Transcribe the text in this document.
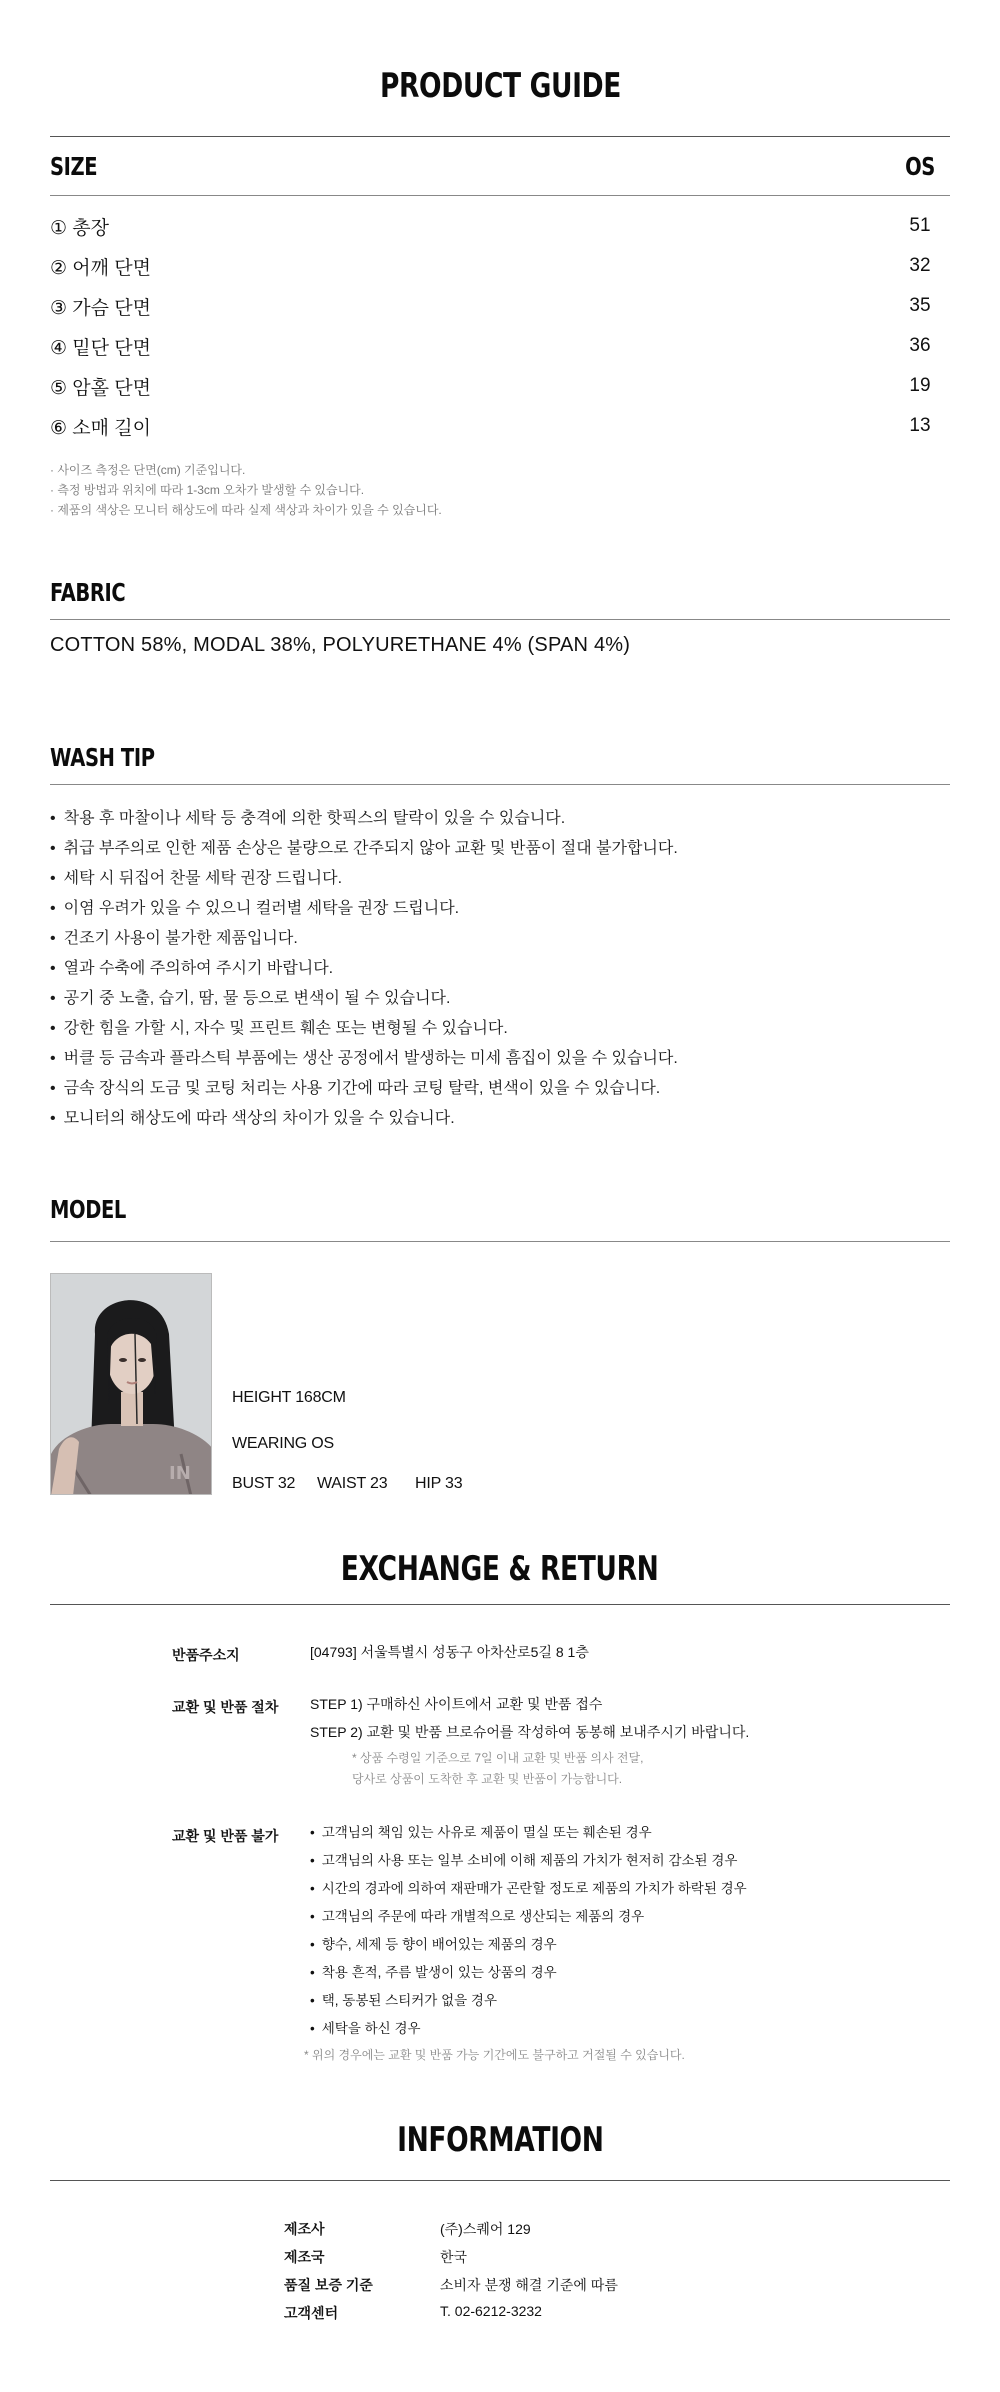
PRODUCT GUIDE
SIZE	OS
① 총장	51
② 어깨 단면	32
③ 가슴 단면	35
④ 밑단 단면	36
⑤ 암홀 단면	19
⑥ 소매 길이	13
· 사이즈 측정은 단면(cm) 기준입니다.
· 측정 방법과 위치에 따라 1-3cm 오차가 발생할 수 있습니다.
· 제품의 색상은 모니터 해상도에 따라 실제 색상과 차이가 있을 수 있습니다.
FABRIC
COTTON 58%, MODAL 38%, POLYURETHANE 4% (SPAN 4%)
WASH TIP
• 착용 후 마찰이나 세탁 등 충격에 의한 핫픽스의 탈락이 있을 수 있습니다.
• 취급 부주의로 인한 제품 손상은 불량으로 간주되지 않아 교환 및 반품이 절대 불가합니다.
• 세탁 시 뒤집어 찬물 세탁 권장 드립니다.
• 이염 우려가 있을 수 있으니 컬러별 세탁을 권장 드립니다.
• 건조기 사용이 불가한 제품입니다.
• 열과 수축에 주의하여 주시기 바랍니다.
• 공기 중 노출, 습기, 땀, 물 등으로 변색이 될 수 있습니다.
• 강한 힘을 가할 시, 자수 및 프린트 훼손 또는 변형될 수 있습니다.
• 버클 등 금속과 플라스틱 부품에는 생산 공정에서 발생하는 미세 흠집이 있을 수 있습니다.
• 금속 장식의 도금 및 코팅 처리는 사용 기간에 따라 코팅 탈락, 변색이 있을 수 있습니다.
• 모니터의 해상도에 따라 색상의 차이가 있을 수 있습니다.
MODEL
IN
HEIGHT 168CM
WEARING OS
BUST 32 WAIST 23 HIP 33
EXCHANGE & RETURN
반품주소지	[04793] 서울특별시 성동구 아차산로5길 8 1층
교환 및 반품 절차	STEP 1) 구매하신 사이트에서 교환 및 반품 접수
STEP 2) 교환 및 반품 브로슈어를 작성하여 동봉해 보내주시기 바랍니다.
* 상품 수령일 기준으로 7일 이내 교환 및 반품 의사 전달,
당사로 상품이 도착한 후 교환 및 반품이 가능합니다.
교환 및 반품 불가	• 고객님의 책임 있는 사유로 제품이 멸실 또는 훼손된 경우
• 고객님의 사용 또는 일부 소비에 이해 제품의 가치가 현저히 감소된 경우
• 시간의 경과에 의하여 재판매가 곤란할 정도로 제품의 가치가 하락된 경우
• 고객님의 주문에 따라 개별적으로 생산되는 제품의 경우
• 향수, 세제 등 향이 배어있는 제품의 경우
• 착용 흔적, 주름 발생이 있는 상품의 경우
• 택, 동봉된 스티커가 없을 경우
• 세탁을 하신 경우
* 위의 경우에는 교환 및 반품 가능 기간에도 불구하고 거절될 수 있습니다.
INFORMATION
제조사	(주)스퀘어 129
제조국	한국
품질 보증 기준	소비자 분쟁 해결 기준에 따름
고객센터	T. 02-6212-3232
